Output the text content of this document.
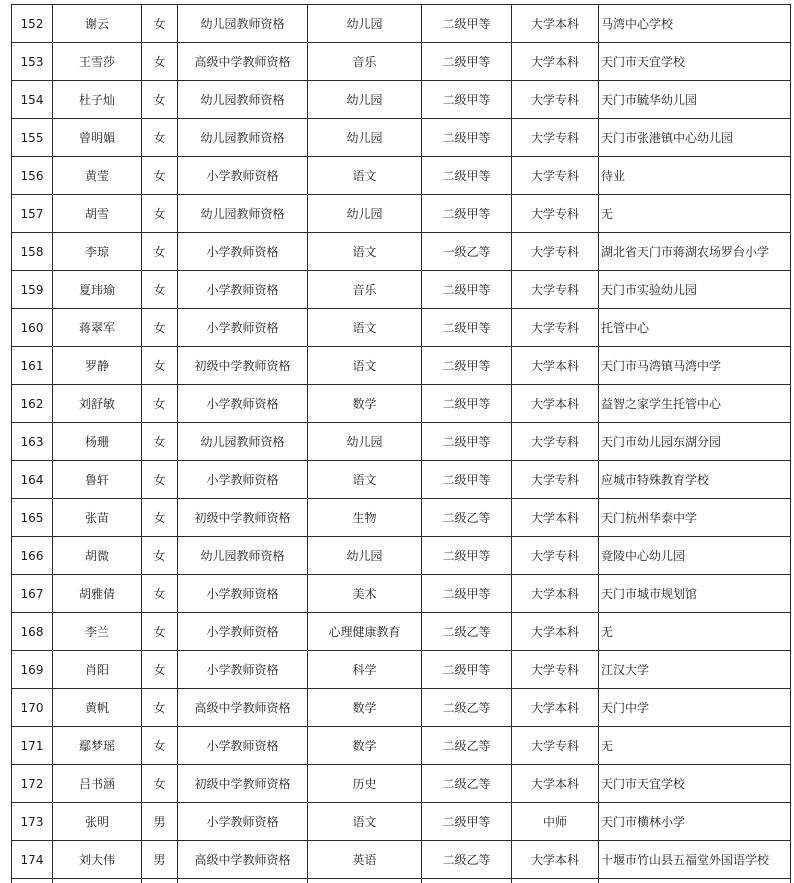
152	谢云	女	幼儿园教师资格	幼儿园	二级甲等	大学本科	马湾中心学校
153	王雪莎	女	高级中学教师资格	音乐	二级甲等	大学本科	天门市天宜学校
154	杜子灿	女	幼儿园教师资格	幼儿园	二级甲等	大学专科	天门市毓华幼儿园
155	曾明媚	女	幼儿园教师资格	幼儿园	二级甲等	大学专科	天门市张港镇中心幼儿园
156	黄莹	女	小学教师资格	语文	二级甲等	大学专科	待业
157	胡雪	女	幼儿园教师资格	幼儿园	二级甲等	大学专科	无
158	李琼	女	小学教师资格	语文	一级乙等	大学专科	湖北省天门市蒋湖农场罗台小学
159	夏玮瑜	女	小学教师资格	音乐	二级甲等	大学专科	天门市实验幼儿园
160	蒋翠军	女	小学教师资格	语文	二级甲等	大学专科	托管中心
161	罗静	女	初级中学教师资格	语文	二级甲等	大学本科	天门市马湾镇马湾中学
162	刘舒敏	女	小学教师资格	数学	二级甲等	大学本科	益智之家学生托管中心
163	杨珊	女	幼儿园教师资格	幼儿园	二级甲等	大学专科	天门市幼儿园东湖分园
164	鲁轩	女	小学教师资格	语文	二级甲等	大学专科	应城市特殊教育学校
165	张苗	女	初级中学教师资格	生物	二级乙等	大学本科	天门杭州华泰中学
166	胡微	女	幼儿园教师资格	幼儿园	二级甲等	大学专科	竟陵中心幼儿园
167	胡雅倩	女	小学教师资格	美术	二级甲等	大学本科	天门市城市规划馆
168	李兰	女	小学教师资格	心理健康教育	二级乙等	大学本科	无
169	肖阳	女	小学教师资格	科学	二级甲等	大学专科	江汉大学
170	黄帆	女	高级中学教师资格	数学	二级乙等	大学本科	天门中学
171	鄢梦瑶	女	小学教师资格	数学	二级乙等	大学专科	无
172	吕书涵	女	初级中学教师资格	历史	二级乙等	大学本科	天门市天宜学校
173	张明	男	小学教师资格	语文	二级甲等	中师	天门市横林小学
174	刘大伟	男	高级中学教师资格	英语	二级乙等	大学本科	十堰市竹山县五福堂外国语学校
